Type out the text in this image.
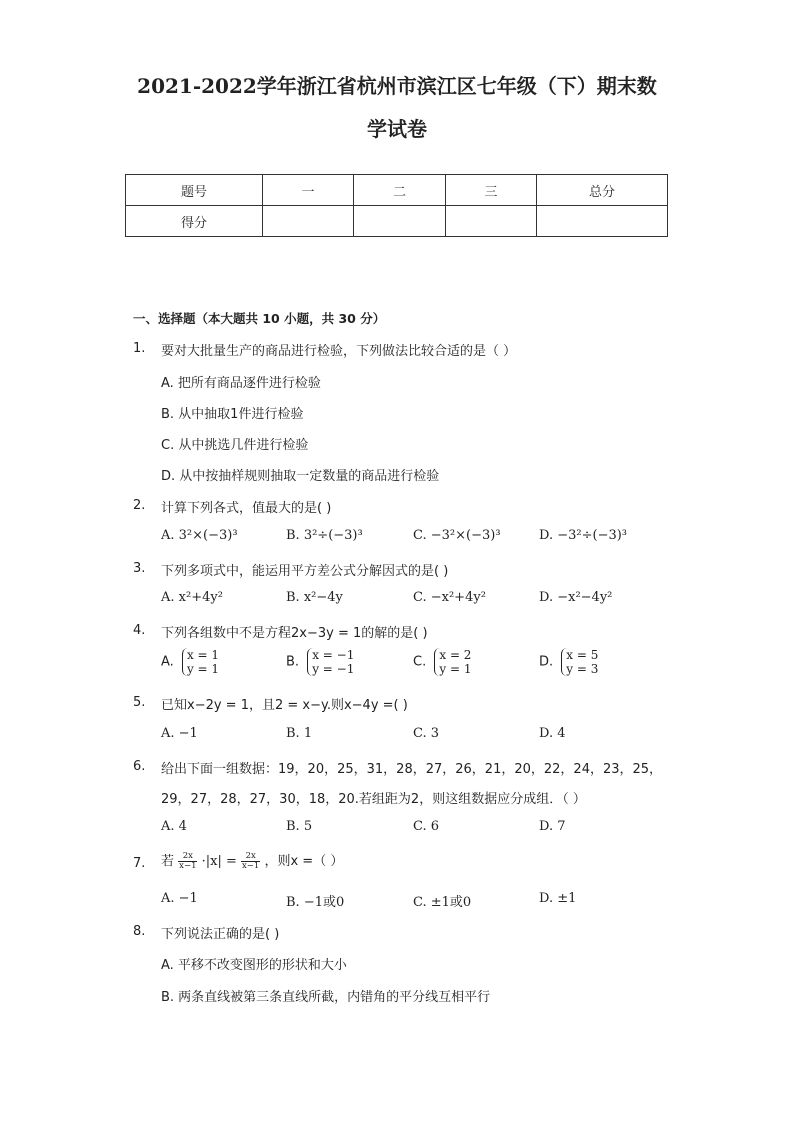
2021-2022学年浙江省杭州市滨江区七年级（下）期末数
学试卷
题号	一	二	三	总分
得分				
一、选择题（本大题共 10 小题，共 30 分）
1. 要对大批量生产的商品进行检验，下列做法比较合适的是（ ）
A. 把所有商品逐件进行检验
B. 从中抽取1件进行检验
C. 从中挑选几件进行检验
D. 从中按抽样规则抽取一定数量的商品进行检验
2. 计算下列各式，值最大的是( )
A. 3²×(−3)³	B. 3²÷(−3)³	C. −3²×(−3)³	D. −3²÷(−3)³
3. 下列多项式中，能运用平方差公式分解因式的是( )
A. x²+4y²	B. x²−4y	C. −x²+4y²	D. −x²−4y²
4. 下列各组数中不是方程2x−3y = 1的解的是( )
A. x = 1
y = 1	B. x = −1
y = −1	C. x = 2
y = 1	D. x = 5
y = 3
5. 已知x−2y = 1，且2 = x−y.则x−4y =( )
A. −1	B. 1	C. 3	D. 4
6. 给出下面一组数据：19，20，25，31，28，27，26，21，20，22，24，23，25，
29，27，28，27，30，18，20.若组距为2，则这组数据应分成组．（ ）
A. 4	B. 5	C. 6	D. 7
7. 若 $\frac{2x}{x-1} \cdot|x| = \frac{2x}{x-1}$ ，则x =（ ）
A. −1	B. −1或0	C. ±1或0	D. ±1
8. 下列说法正确的是( )
A. 平移不改变图形的形状和大小
B. 两条直线被第三条直线所截，内错角的平分线互相平行
